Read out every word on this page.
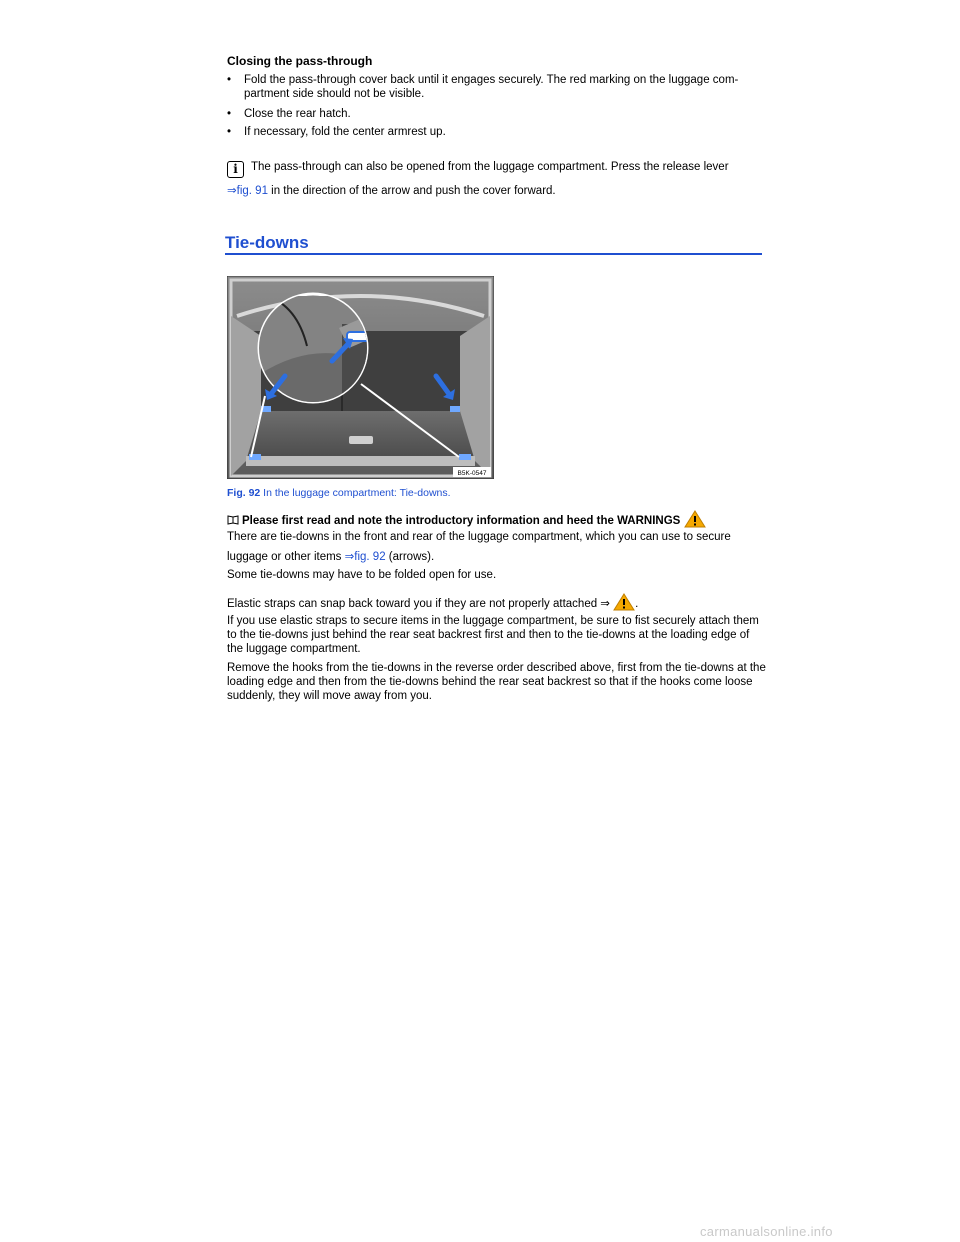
Closing the pass-through
•	Fold the pass-through cover back until it engages securely. The red marking on the luggage com-partment side should not be visible.
•	Close the rear hatch.
•	If necessary, fold the center armrest up.
i The pass-through can also be opened from the luggage compartment. Press the release lever
⇒fig. 91 in the direction of the arrow and push the cover forward.
Tie-downs
B5K-0547
Fig. 92 In the luggage compartment: Tie-downs.
Please first read and note the introductory information and heed the WARNINGS
There are tie-downs in the front and rear of the luggage compartment, which you can use to secure
luggage or other items ⇒fig. 92 (arrows).
Some tie-downs may have to be folded open for use.
Elastic straps can snap back toward you if they are not properly attached ⇒ .
If you use elastic straps to secure items in the luggage compartment, be sure to fist securely attach them to the tie-downs just behind the rear seat backrest first and then to the tie-downs at the loading edge of the luggage compartment.
Remove the hooks from the tie-downs in the reverse order described above, first from the tie-downs at the loading edge and then from the tie-downs behind the rear seat backrest so that if the hooks come loose suddenly, they will move away from you.
carmanualsonline.info
